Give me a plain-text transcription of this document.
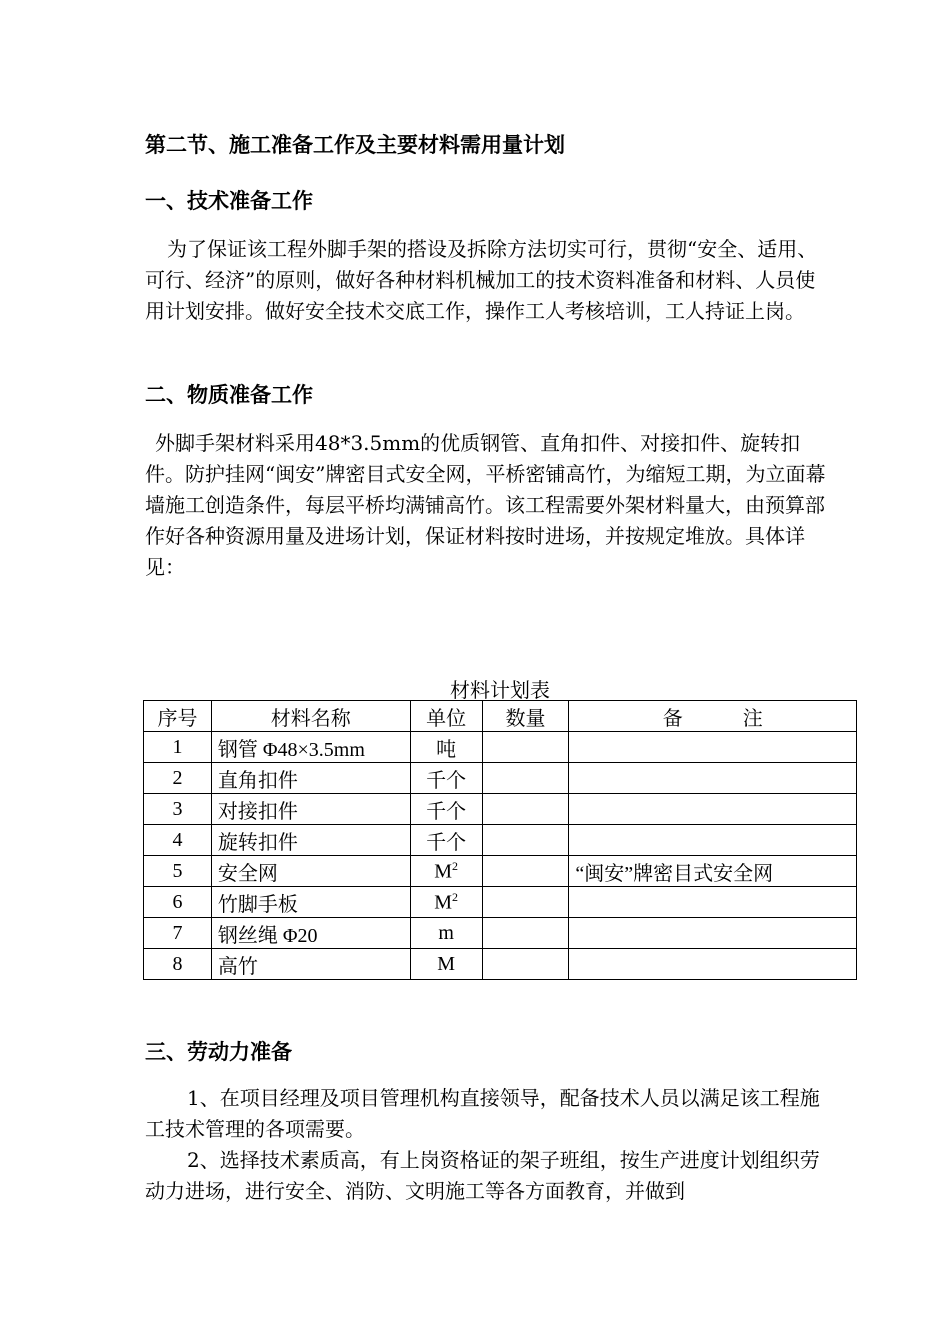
第二节、施工准备工作及主要材料需用量计划
一、技术准备工作

为了保证该工程外脚手架的搭设及拆除方法切实可行，贯彻“安全、适用、可行、经济”的原则，做好各种材料机械加工的技术资料准备和材料、人员使用计划安排。做好安全技术交底工作，操作工人考核培训，工人持证上岗。

二、物质准备工作

外脚手架材料采用48*3.5mm的优质钢管、直角扣件、对接扣件、旋转扣件。防护挂网“闽安”牌密目式安全网，平桥密铺高竹，为缩短工期，为立面幕墙施工创造条件，每层平桥均满铺高竹。该工程需要外架材料量大，由预算部作好各种资源用量及进场计划，保证材料按时进场，并按规定堆放。具体详见：

材料计划表
序号	材料名称	单位	数量	备　　　注
1	钢管 Φ48×3.5mm	吨		
2	直角扣件	千个		
3	对接扣件	千个		
4	旋转扣件	千个		
5	安全网	$M^2$		“闽安”牌密目式安全网
6	竹脚手板	$M^2$		
7	钢丝绳 Φ20	m		
8	高竹	M		
三、劳动力准备

1、在项目经理及项目管理机构直接领导，配备技术人员以满足该工程施工技术管理的各项需要。

2、选择技术素质高，有上岗资格证的架子班组，按生产进度计划组织劳动力进场，进行安全、消防、文明施工等各方面教育，并做到
